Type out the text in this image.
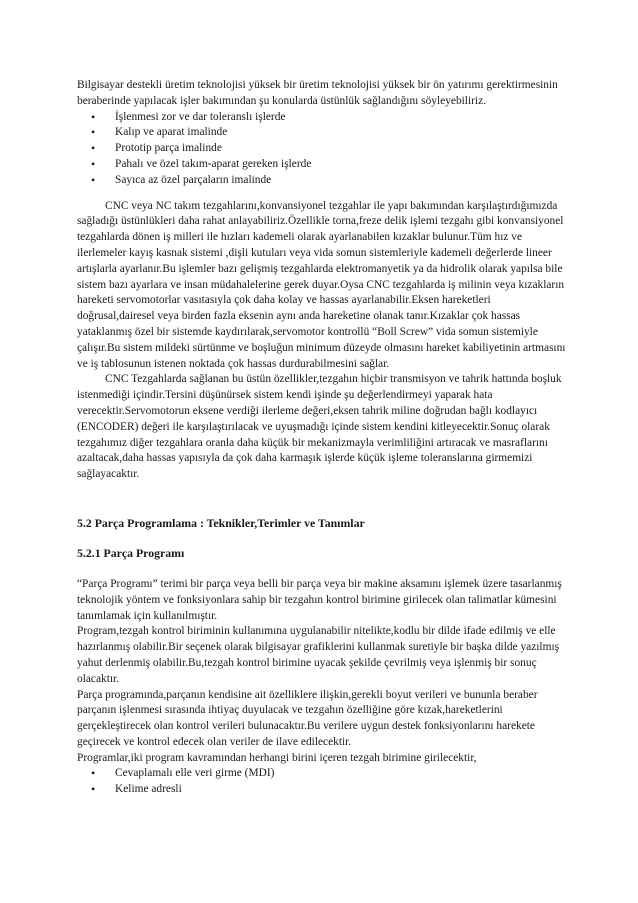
Bilgisayar destekli üretim teknolojisi yüksek bir üretim teknolojisi yüksek bir ön yatırımı gerektirmesinin beraberinde yapılacak işler bakımından şu konularda üstünlük sağlandığını söyleyebiliriz.

• İşlenmesi zor ve dar toleranslı işlerde
• Kalıp ve aparat imalinde
• Prototip parça imalinde
• Pahalı ve özel takım-aparat gereken işlerde
• Sayıca az özel parçaların imalinde

CNC veya NC takım tezgahlarını,konvansiyonel tezgahlar ile yapı bakımından karşılaştırdığımızda sağladığı üstünlükleri daha rahat anlayabiliriz.Özellikle torna,freze delik işlemi tezgahı gibi konvansiyonel tezgahlarda dönen iş milleri ile hızları kademeli olarak ayarlanabilen kızaklar bulunur.Tüm hız ve ilerlemeler kayış kasnak sistemi ,dişli kutuları veya vida somun sistemleriyle kademeli değerlerde lineer artışlarla ayarlanır.Bu işlemler bazı gelişmiş tezgahlarda elektromanyetik ya da hidrolik olarak yapılsa bile sistem bazı ayarlara ve insan müdahalelerine gerek duyar.Oysa CNC tezgahlarda iş milinin veya kızakların hareketi servomotorlar vasıtasıyla çok daha kolay ve hassas ayarlanabilir.Eksen hareketleri doğrusal,dairesel veya birden fazla eksenin aynı anda hareketine olanak tanır.Kızaklar çok hassas yataklanmış özel bir sistemde kaydırılarak,servomotor kontrollü “Boll Screw” vida somun sistemiyle çalışır.Bu sistem mildeki sürtünme ve boşluğun minimum düzeyde olmasını hareket kabiliyetinin artmasını ve iş tablosunun istenen noktada çok hassas durdurabilmesini sağlar.

CNC Tezgahlarda sağlanan bu üstün özellikler,tezgahın hiçbir transmisyon ve tahrik hattında boşluk istenmediği içindir.Tersini düşünürsek sistem kendi işinde şu değerlendirmeyi yaparak hata verecektir.Servomotorun eksene verdiği ilerleme değeri,eksen tahrik miline doğrudan bağlı kodlayıcı (ENCODER) değeri ile karşılaştırılacak ve uyuşmadığı içinde sistem kendini kitleyecektir.Sonuç olarak tezgahımız diğer tezgahlara oranla daha küçük bir mekanizmayla verimliliğini artıracak ve masraflarını azaltacak,daha hassas yapısıyla da çok daha karmaşık işlerde küçük işleme toleranslarına girmemizi sağlayacaktır.

5.2 Parça Programlama : Teknikler,Terimler ve Tanımlar
5.2.1 Parça Programı

“Parça Programı” terimi bir parça veya belli bir parça veya bir makine aksamını işlemek üzere tasarlanmış teknolojik yöntem ve fonksiyonlara sahip bir tezgahın kontrol birimine girilecek olan talimatlar kümesini tanımlamak için kullanılmıştır.

Program,tezgah kontrol biriminin kullanımına uygulanabilir nitelikte,kodlu bir dilde ifade edilmiş ve elle hazırlanmış olabilir.Bir seçenek olarak bilgisayar grafiklerini kullanmak suretiyle bir başka dilde yazılmış yahut derlenmiş olabilir.Bu,tezgah kontrol birimine uyacak şekilde çevrilmiş veya işlenmiş bir sonuç olacaktır.

Parça programında,parçanın kendisine ait özelliklere ilişkin,gerekli boyut verileri ve bununla beraber parçanın işlenmesi sırasında ihtiyaç duyulacak ve tezgahın özelliğine göre kızak,hareketlerini gerçekleştirecek olan kontrol verileri bulunacaktır.Bu verilere uygun destek fonksiyonlarını harekete geçirecek ve kontrol edecek olan veriler de ilave edilecektir.

Programlar,iki program kavramından herhangi birini içeren tezgah birimine girilecektir,

• Cevaplamalı elle veri girme (MDI)
• Kelime adresli
